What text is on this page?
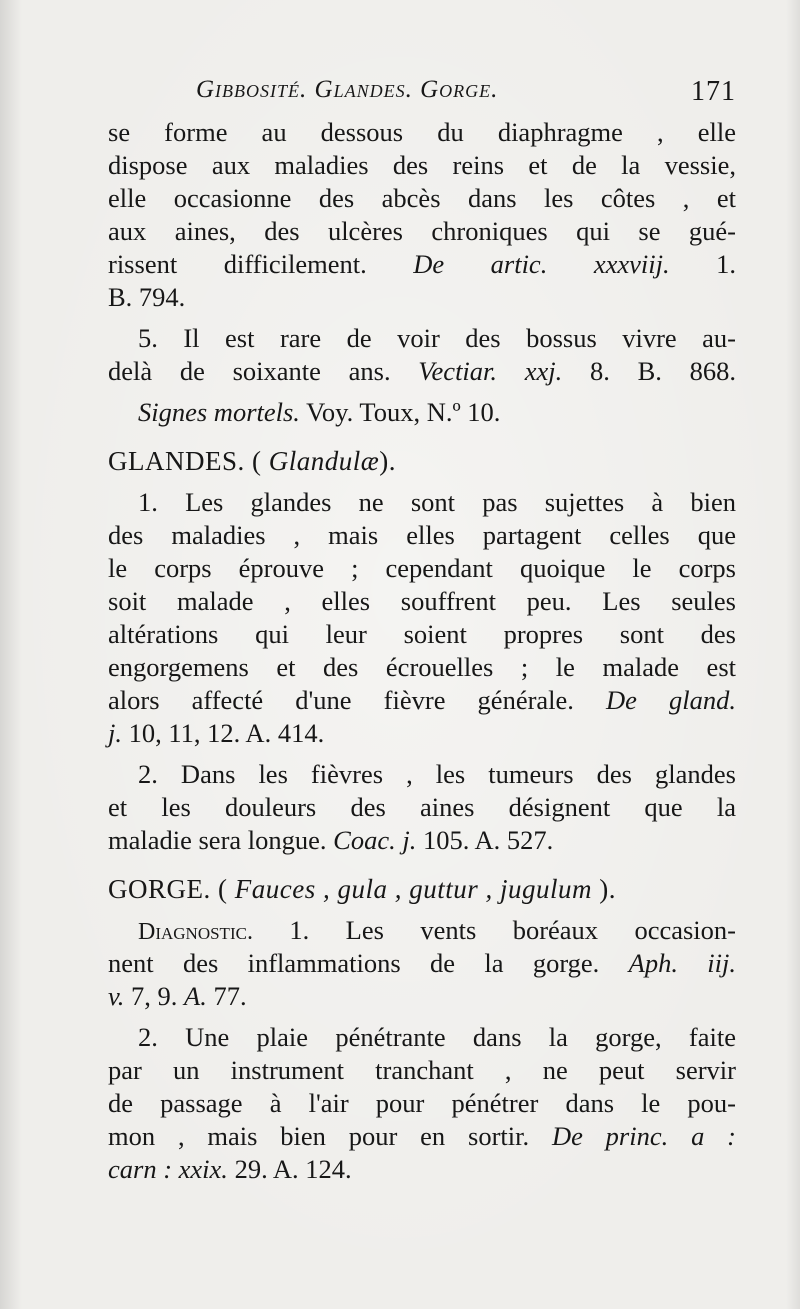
Gibbosité. Glandes. Gorge.	171
se forme au dessous du diaphragme , elle
dispose aux maladies des reins et de la vessie,
elle occasionne des abcès dans les côtes , et
aux aines, des ulcères chroniques qui se gué-
rissent difficilement. De artic. xxxviij. 1.
B. 794.
5. Il est rare de voir des bossus vivre au-
delà de soixante ans. Vectiar. xxj. 8. B. 868.
Signes mortels. Voy. Toux, N.º 10.
GLANDES. ( Glandulæ).
1. Les glandes ne sont pas sujettes à bien
des maladies , mais elles partagent celles que
le corps éprouve ; cependant quoique le corps
soit malade , elles souffrent peu. Les seules
altérations qui leur soient propres sont des
engorgemens et des écrouelles ; le malade est
alors affecté d'une fièvre générale. De gland.
j. 10, 11, 12. A. 414.
2. Dans les fièvres , les tumeurs des glandes
et les douleurs des aines désignent que la
maladie sera longue. Coac. j. 105. A. 527.
GORGE. ( Fauces , gula , guttur , jugulum ).
Diagnostic. 1. Les vents boréaux occasion-
nent des inflammations de la gorge. Aph. iij.
v. 7, 9. A. 77.
2. Une plaie pénétrante dans la gorge, faite
par un instrument tranchant , ne peut servir
de passage à l'air pour pénétrer dans le pou-
mon , mais bien pour en sortir. De princ. a :
carn : xxix. 29. A. 124.
